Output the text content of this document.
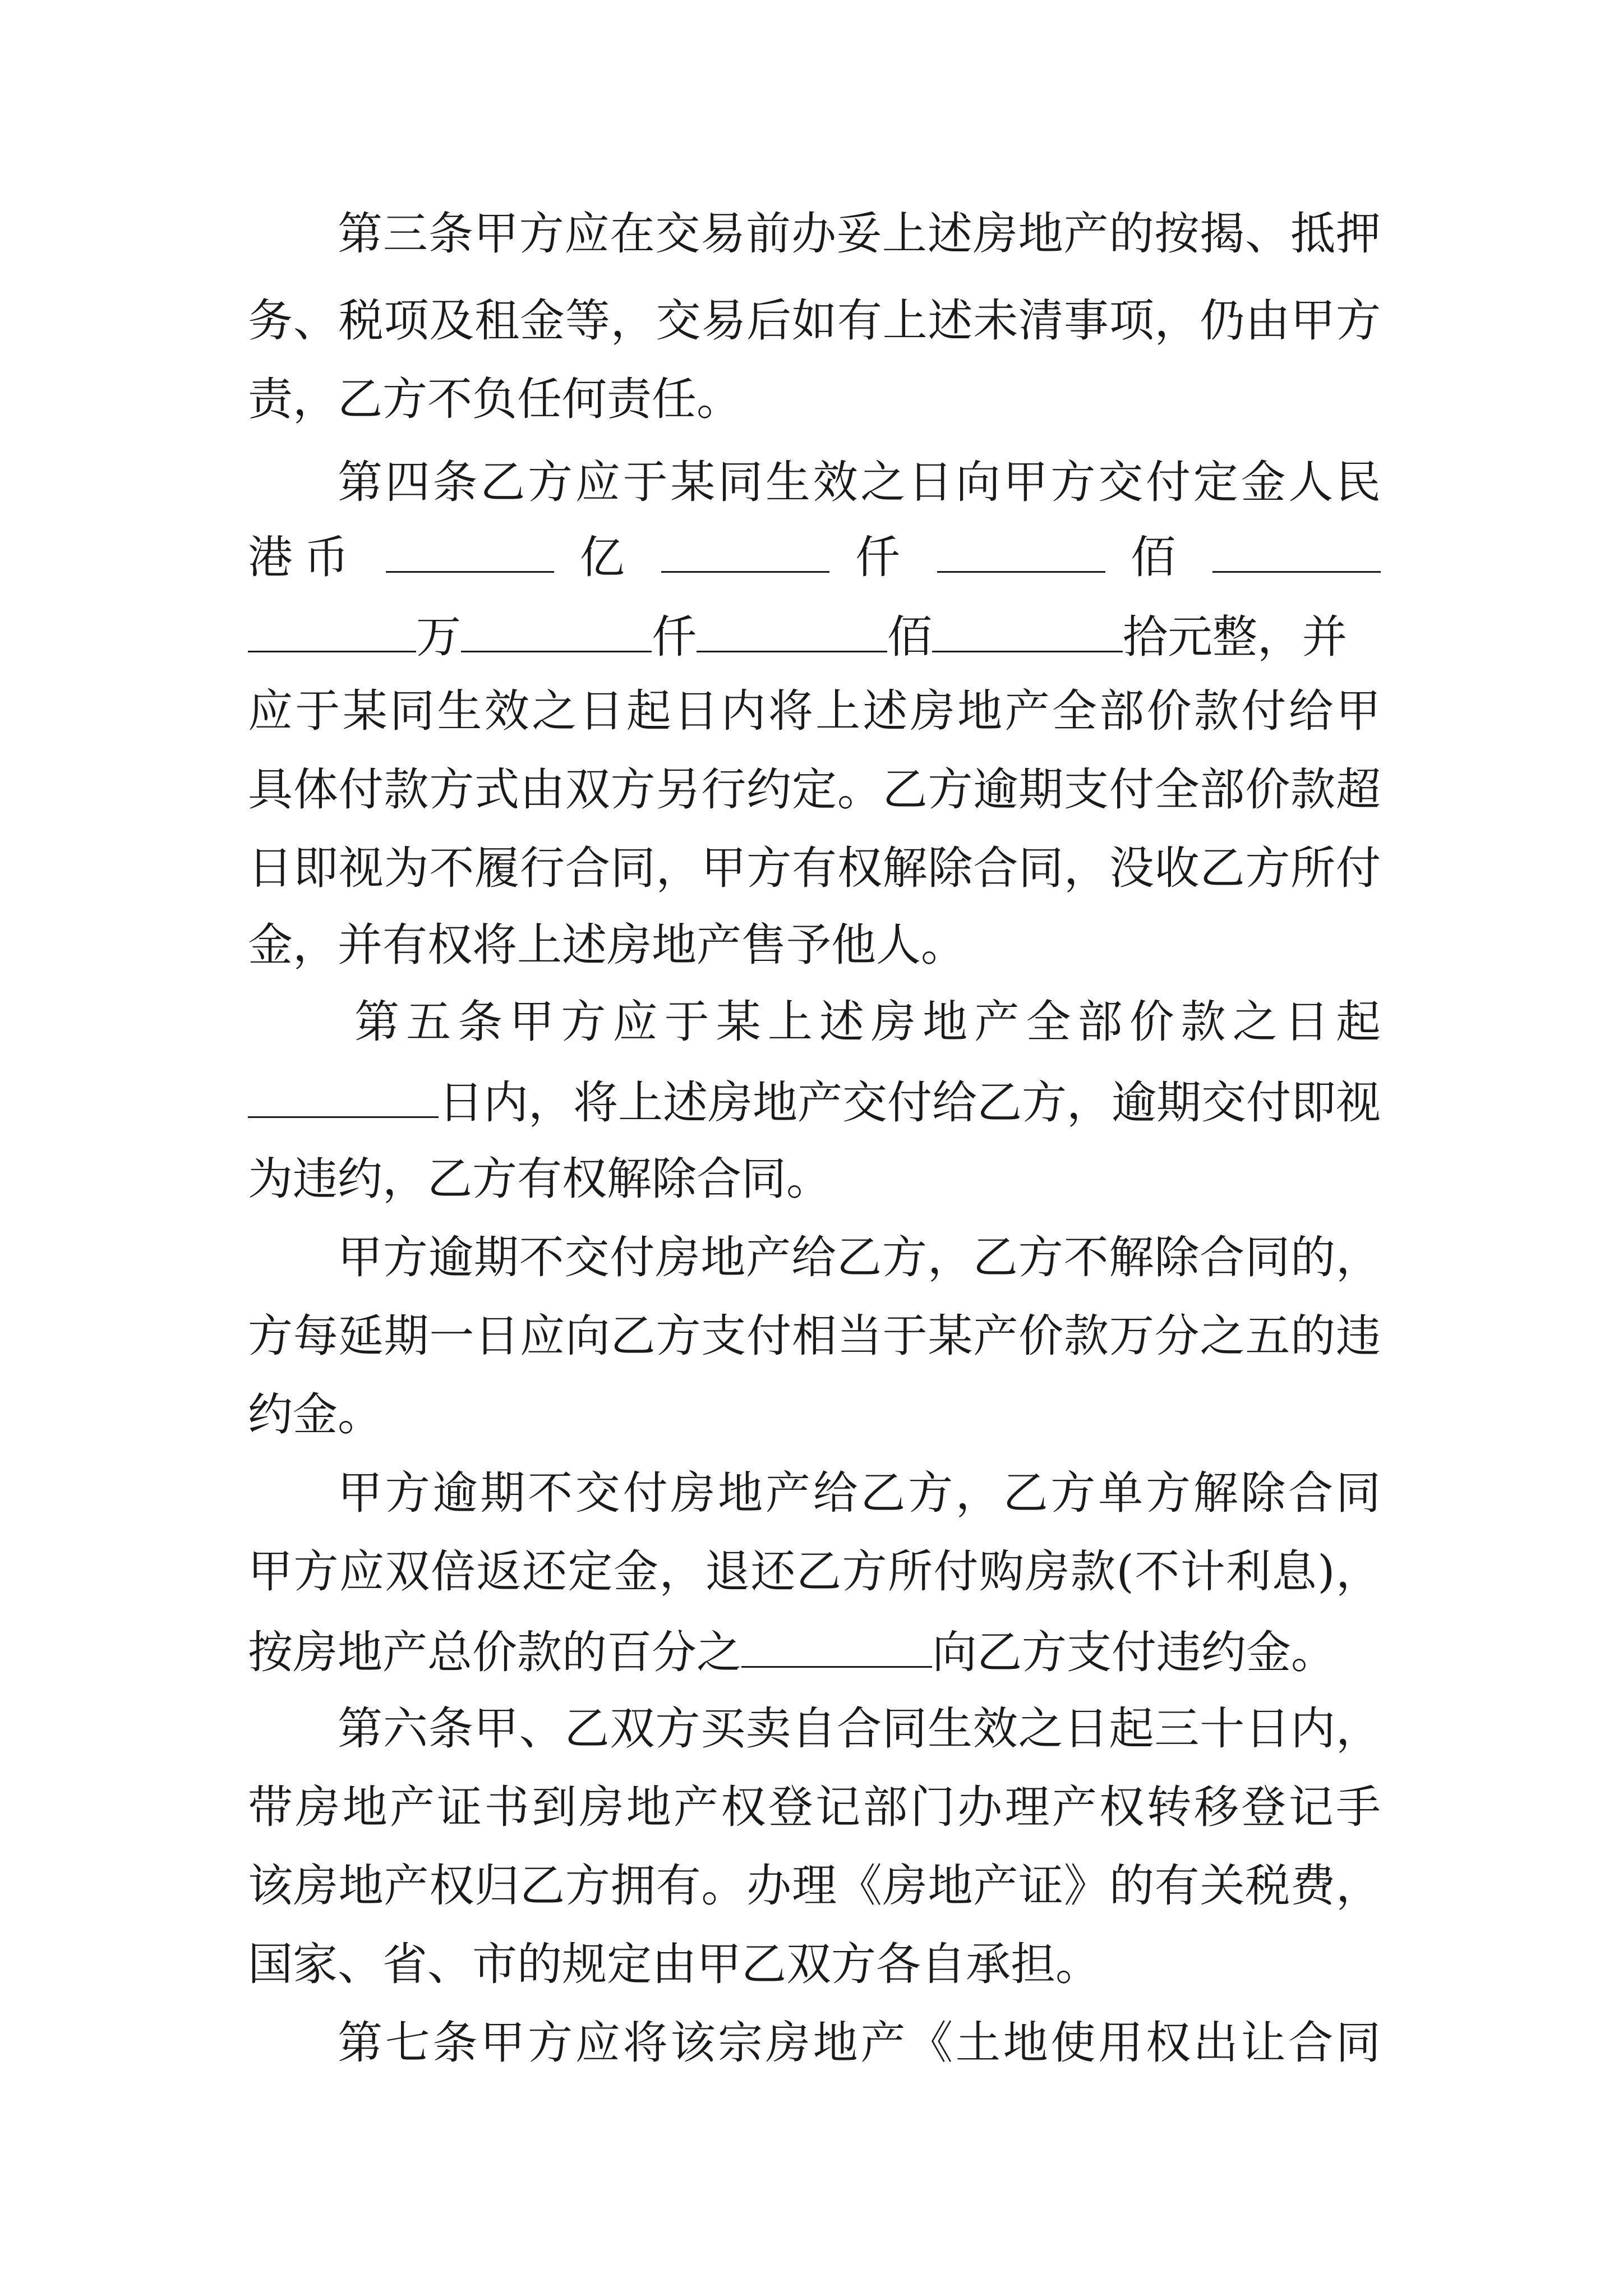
第三条甲方应在交易前办妥上述房地产的按揭、抵押
务、税项及租金等，交易后如有上述未清事项，仍由甲方
责，乙方不负任何责任。
第四条乙方应于某同生效之日向甲方交付定金人民
港币	亿	仟	佰
万	仟	佰	拾元整，并
应于某同生效之日起日内将上述房地产全部价款付给甲
具体付款方式由双方另行约定。乙方逾期支付全部价款超
日即视为不履行合同，甲方有权解除合同，没收乙方所付
金，并有权将上述房地产售予他人。
第五条甲方应于某上述房地产全部价款之日起
日内，将上述房地产交付给乙方，逾期交付即视
为违约，乙方有权解除合同。
甲方逾期不交付房地产给乙方，乙方不解除合同的，
方每延期一日应向乙方支付相当于某产价款万分之五的违
约金。
甲方逾期不交付房地产给乙方，乙方单方解除合同
甲方应双倍返还定金，退还乙方所付购房款(不计利息)，
按房地产总价款的百分之	向乙方支付违约金。
第六条甲、乙双方买卖自合同生效之日起三十日内，
带房地产证书到房地产权登记部门办理产权转移登记手
该房地产权归乙方拥有。办理《房地产证》的有关税费，
国家、省、市的规定由甲乙双方各自承担。
第七条甲方应将该宗房地产《土地使用权出让合同
